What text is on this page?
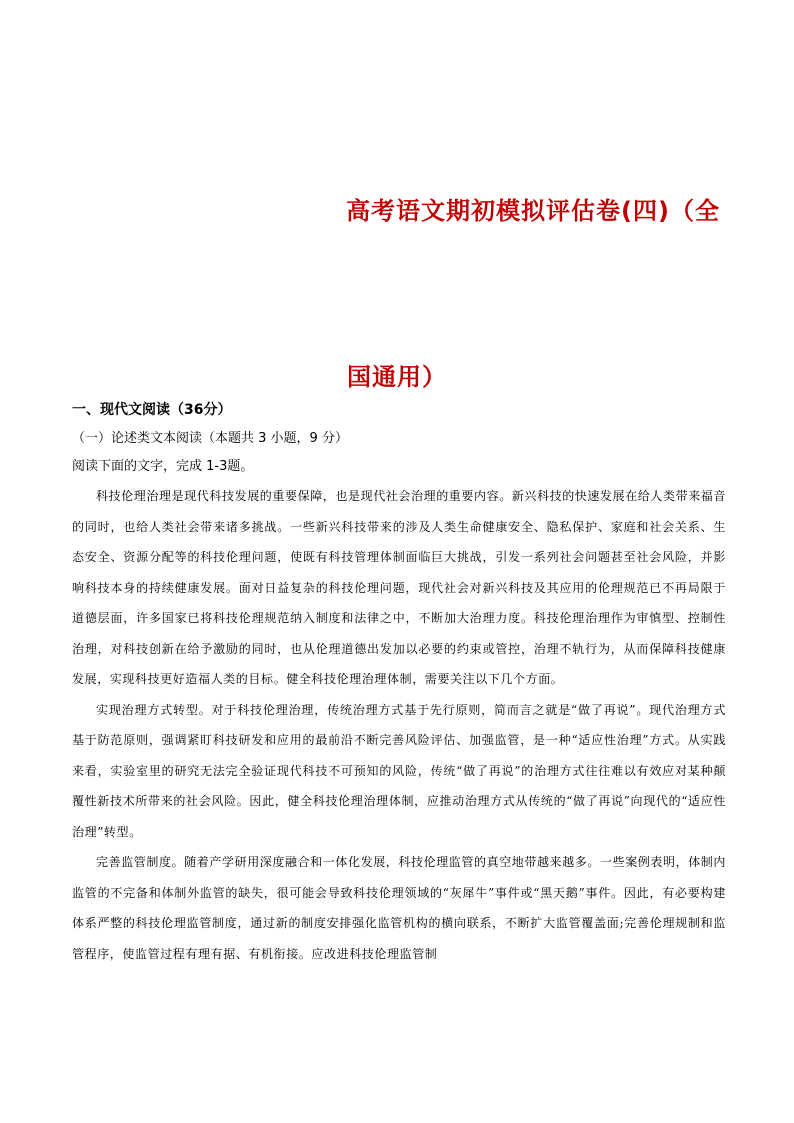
高考语文期初模拟评估卷(四)（全
国通用）

一、现代文阅读（36分）

（一）论述类文本阅读（本题共 3 小题，9 分）

阅读下面的文字，完成 1-3题。

科技伦理治理是现代科技发展的重要保障，也是现代社会治理的重要内容。新兴科技的快速发展在给人类带来福音的同时，也给人类社会带来诸多挑战。一些新兴科技带来的涉及人类生命健康安全、隐私保护、家庭和社会关系、生态安全、资源分配等的科技伦理问题，使既有科技管理体制面临巨大挑战，引发一系列社会问题甚至社会风险，并影响科技本身的持续健康发展。面对日益复杂的科技伦理问题，现代社会对新兴科技及其应用的伦理规范已不再局限于道德层面，许多国家已将科技伦理规范纳入制度和法律之中，不断加大治理力度。科技伦理治理作为审慎型、控制性治理，对科技创新在给予激励的同时，也从伦理道德出发加以必要的约束或管控，治理不轨行为，从而保障科技健康发展，实现科技更好造福人类的目标。健全科技伦理治理体制，需要关注以下几个方面。

实现治理方式转型。对于科技伦理治理，传统治理方式基于先行原则，简而言之就是“做了再说”。现代治理方式基于防范原则，强调紧盯科技研发和应用的最前沿不断完善风险评估、加强监管，是一种“适应性治理”方式。从实践来看，实验室里的研究无法完全验证现代科技不可预知的风险，传统“做了再说”的治理方式往往难以有效应对某种颠覆性新技术所带来的社会风险。因此，健全科技伦理治理体制，应推动治理方式从传统的“做了再说”向现代的“适应性治理”转型。

完善监管制度。随着产学研用深度融合和一体化发展，科技伦理监管的真空地带越来越多。一些案例表明，体制内监管的不完备和体制外监管的缺失，很可能会导致科技伦理领域的“灰犀牛”事件或“黑天鹅”事件。因此，有必要构建体系严整的科技伦理监管制度，通过新的制度安排强化监管机构的横向联系，不断扩大监管覆盖面;完善伦理规制和监管程序，使监管过程有理有据、有机衔接。应改进科技伦理监管制
